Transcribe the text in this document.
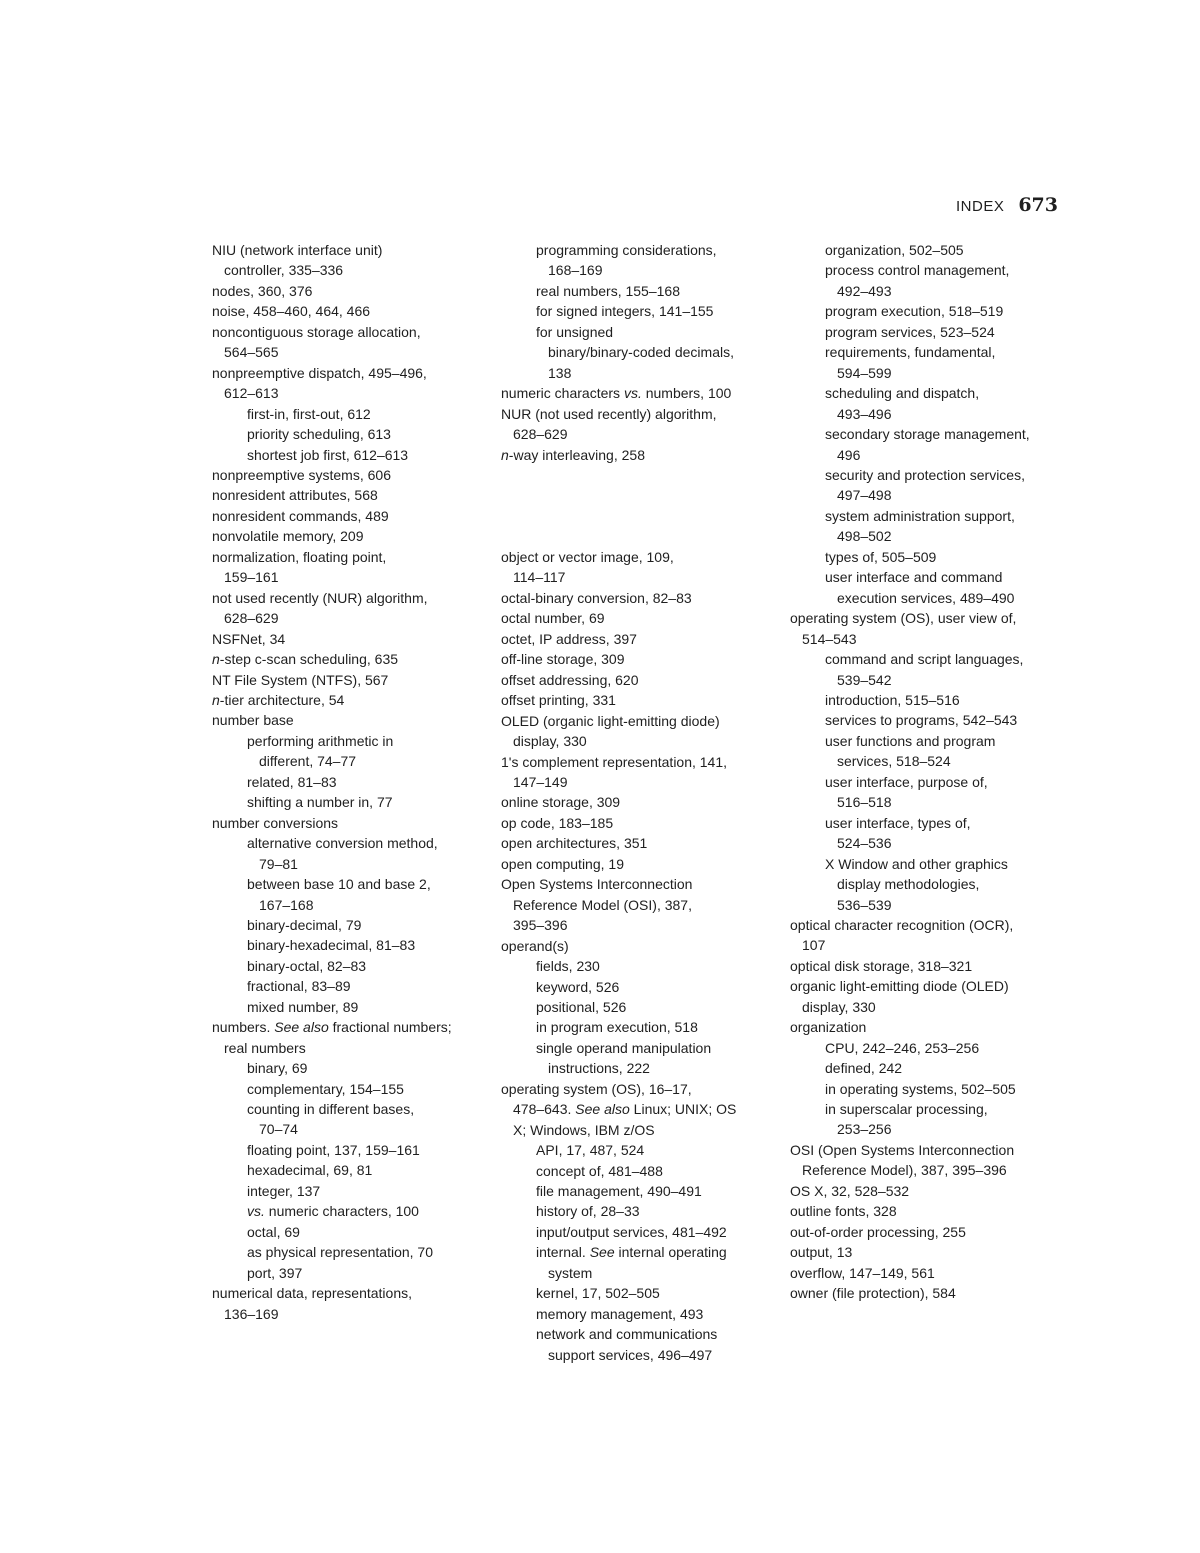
INDEX 673
NIU (network interface unit)
controller, 335–336
nodes, 360, 376
noise, 458–460, 464, 466
noncontiguous storage allocation,
564–565
nonpreemptive dispatch, 495–496,
612–613
first-in, first-out, 612
priority scheduling, 613
shortest job first, 612–613
nonpreemptive systems, 606
nonresident attributes, 568
nonresident commands, 489
nonvolatile memory, 209
normalization, floating point,
159–161
not used recently (NUR) algorithm,
628–629
NSFNet, 34
n-step c-scan scheduling, 635
NT File System (NTFS), 567
n-tier architecture, 54
number base
performing arithmetic in
different, 74–77
related, 81–83
shifting a number in, 77
number conversions
alternative conversion method,
79–81
between base 10 and base 2,
167–168
binary-decimal, 79
binary-hexadecimal, 81–83
binary-octal, 82–83
fractional, 83–89
mixed number, 89
numbers. See also fractional numbers;
real numbers
binary, 69
complementary, 154–155
counting in different bases,
70–74
floating point, 137, 159–161
hexadecimal, 69, 81
integer, 137
vs. numeric characters, 100
octal, 69
as physical representation, 70
port, 397
numerical data, representations,
136–169
programming considerations,
168–169
real numbers, 155–168
for signed integers, 141–155
for unsigned
binary/binary-coded decimals,
138
numeric characters vs. numbers, 100
NUR (not used recently) algorithm,
628–629
n-way interleaving, 258
object or vector image, 109,
114–117
octal-binary conversion, 82–83
octal number, 69
octet, IP address, 397
off-line storage, 309
offset addressing, 620
offset printing, 331
OLED (organic light-emitting diode)
display, 330
1's complement representation, 141,
147–149
online storage, 309
op code, 183–185
open architectures, 351
open computing, 19
Open Systems Interconnection
Reference Model (OSI), 387,
395–396
operand(s)
fields, 230
keyword, 526
positional, 526
in program execution, 518
single operand manipulation
instructions, 222
operating system (OS), 16–17,
478–643. See also Linux; UNIX; OS
X; Windows, IBM z/OS
API, 17, 487, 524
concept of, 481–488
file management, 490–491
history of, 28–33
input/output services, 481–492
internal. See internal operating
system
kernel, 17, 502–505
memory management, 493
network and communications
support services, 496–497
organization, 502–505
process control management,
492–493
program execution, 518–519
program services, 523–524
requirements, fundamental,
594–599
scheduling and dispatch,
493–496
secondary storage management,
496
security and protection services,
497–498
system administration support,
498–502
types of, 505–509
user interface and command
execution services, 489–490
operating system (OS), user view of,
514–543
command and script languages,
539–542
introduction, 515–516
services to programs, 542–543
user functions and program
services, 518–524
user interface, purpose of,
516–518
user interface, types of,
524–536
X Window and other graphics
display methodologies,
536–539
optical character recognition (OCR),
107
optical disk storage, 318–321
organic light-emitting diode (OLED)
display, 330
organization
CPU, 242–246, 253–256
defined, 242
in operating systems, 502–505
in superscalar processing,
253–256
OSI (Open Systems Interconnection
Reference Model), 387, 395–396
OS X, 32, 528–532
outline fonts, 328
out-of-order processing, 255
output, 13
overflow, 147–149, 561
owner (file protection), 584
